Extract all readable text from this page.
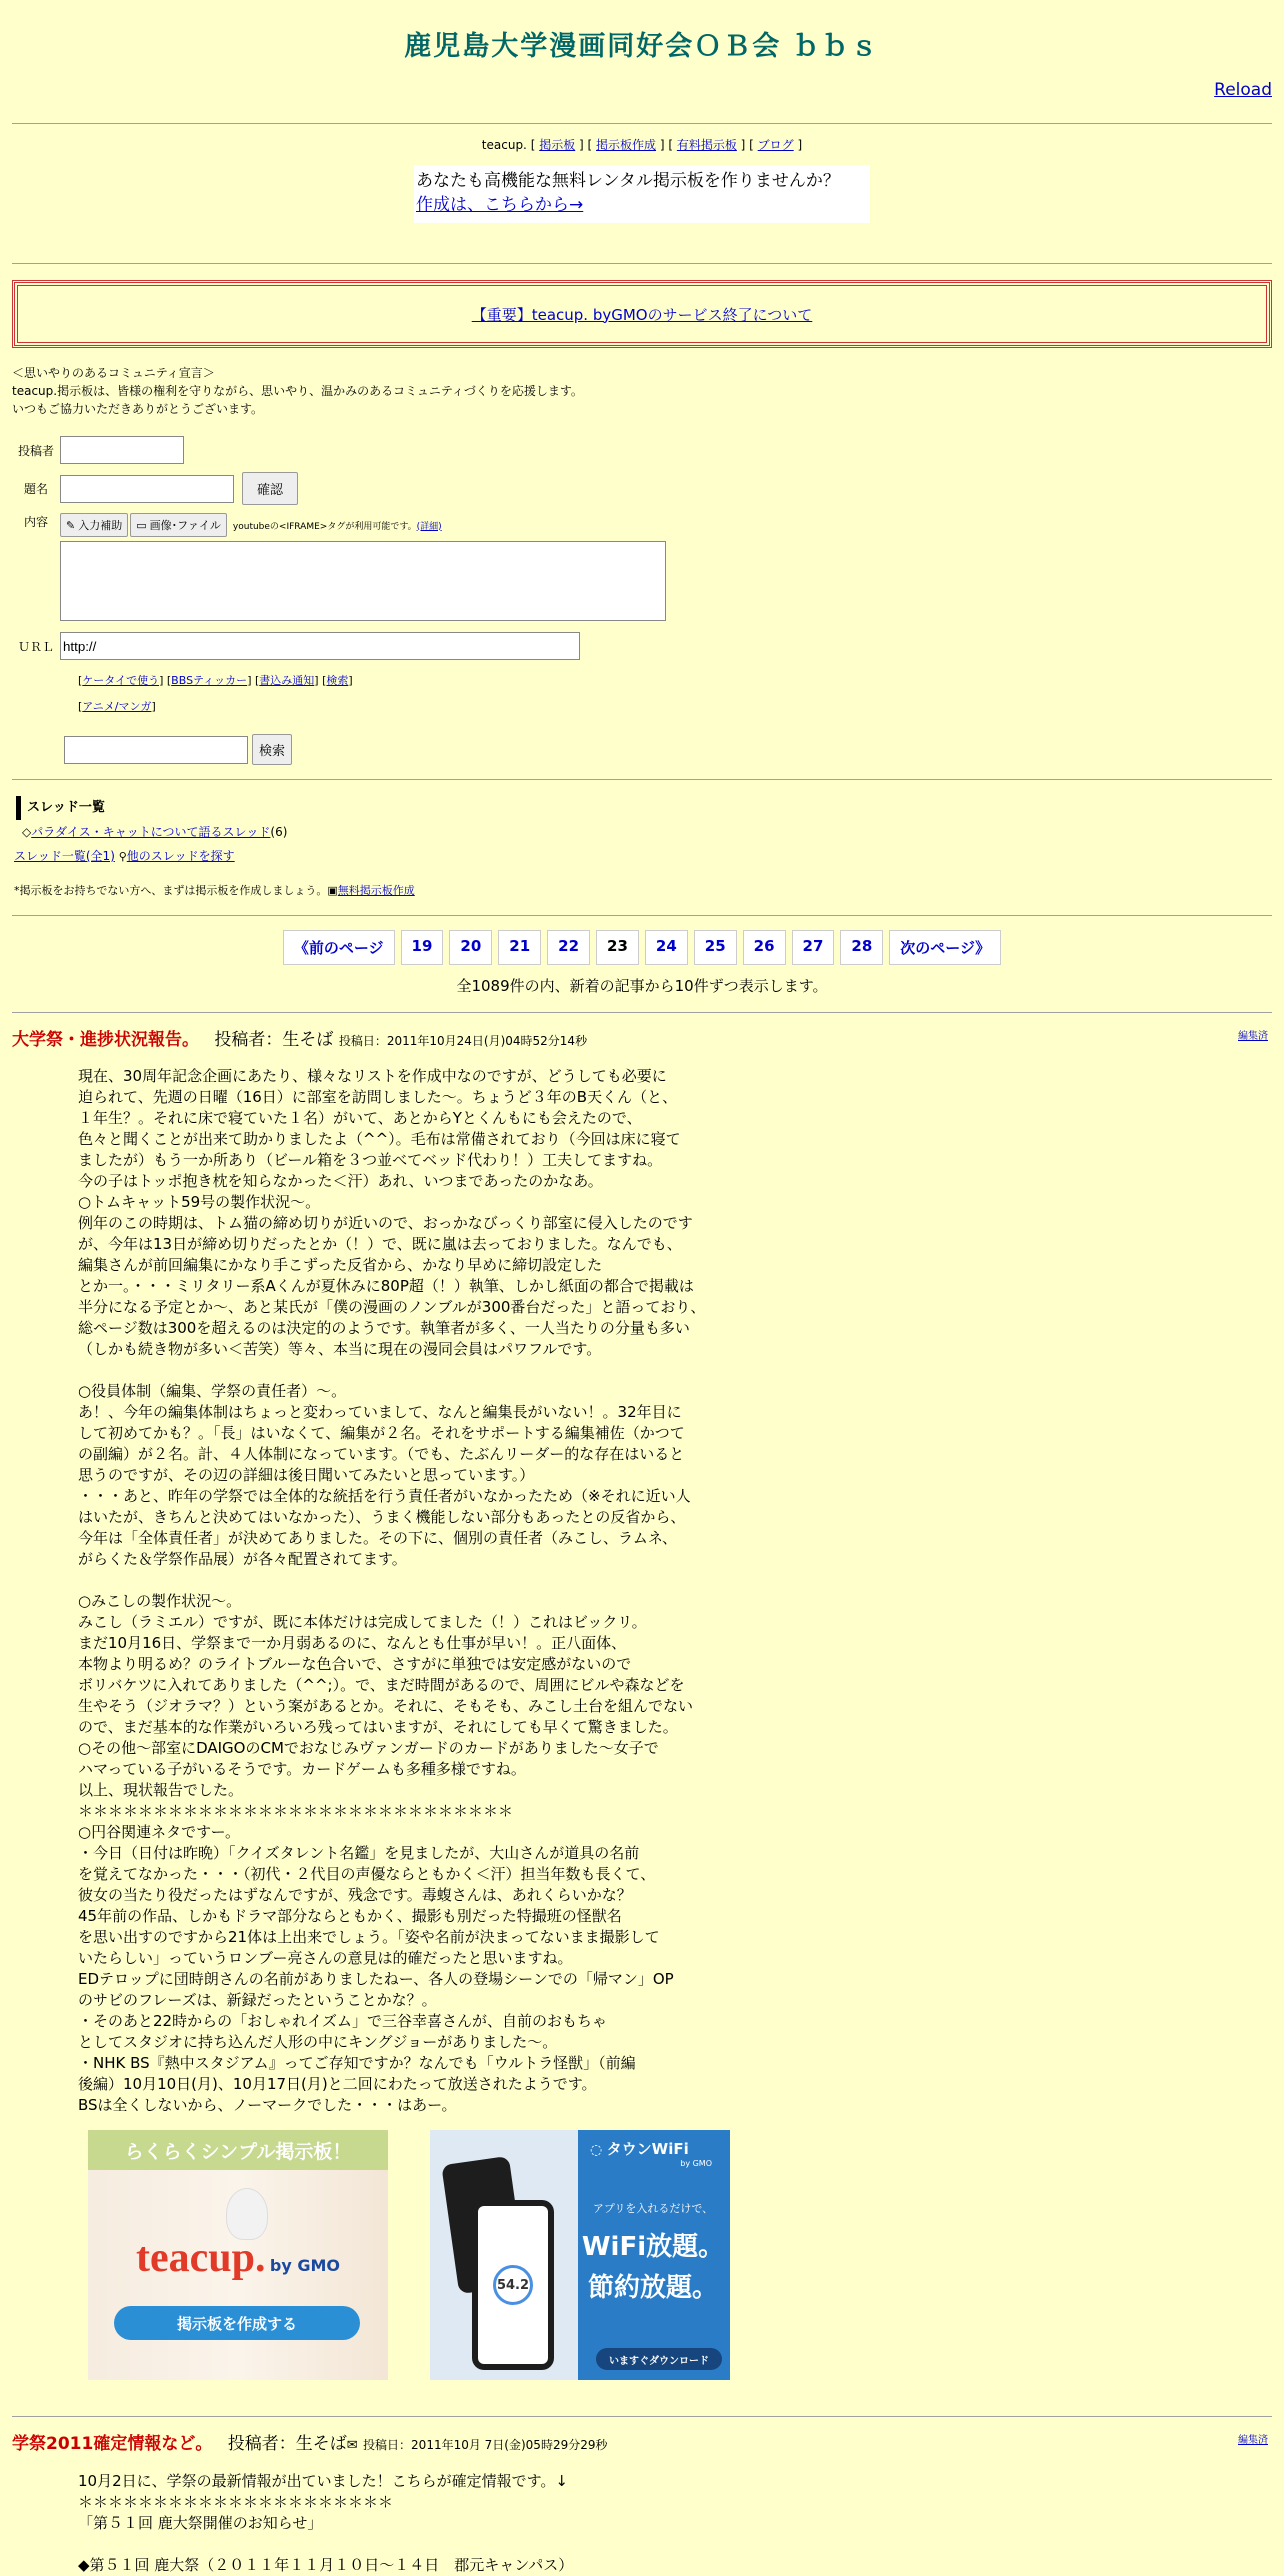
鹿児島大学漫画同好会ＯＢ会 ｂｂｓ
Reload
teacup. [ 掲示板 ] [ 掲示板作成 ] [ 有料掲示板 ] [ ブログ ]
あなたも高機能な無料レンタル掲示板を作りませんか？
作成は、こちらから→
【重要】teacup. byGMOのサービス終了について
＜思いやりのあるコミュニティ宣言＞
teacup.掲示板は、皆様の権利を守りながら、思いやり、温かみのあるコミュニティづくりを応援します。
いつもご協力いただきありがとうございます。
投稿者
題名	確認
内容	✎ 入力補助 ▭ 画像･ファイル youtubeの<IFRAME>タグが利用可能です。 (詳細)
ＵＲＬ
http://
[ケータイで使う] [BBSティッカー] [書込み通知] [検索]
[アニメ/マンガ]
検索
スレッド一覧
◇パラダイス・キャットについて語るスレッド(6)
スレッド一覧(全1) ⚲他のスレッドを探す
*掲示板をお持ちでない方へ、まずは掲示板を作成しましょう。▣無料掲示板作成
《前のページ	19	20	21	22	23	24	25	26	27	28	次のページ》
全1089件の内、新着の記事から10件ずつ表示します。
編集済
大学祭・進捗状況報告。 投稿者：生そば 投稿日：2011年10月24日(月)04時52分14秒
現在、30周年記念企画にあたり、様々なリストを作成中なのですが、どうしても必要に
迫られて、先週の日曜（16日）に部室を訪問しました～。ちょうど３年のB天くん（と、
１年生？。それに床で寝ていた１名）がいて、あとからYとくんもにも会えたので、
色々と聞くことが出来て助かりましたよ（^^）。毛布は常備されており（今回は床に寝て
ましたが）もう一か所あり（ビール箱を３つ並べてベッド代わり！）工夫してますね。
今の子はトッポ抱き枕を知らなかった＜汗）あれ、いつまであったのかなあ。
○トムキャット59号の製作状況～。
例年のこの時期は、トム猫の締め切りが近いので、おっかなびっくり部室に侵入したのです
が、今年は13日が締め切りだったとか（！）で、既に嵐は去っておりました。なんでも、
編集さんが前回編集にかなり手こずった反省から、かなり早めに締切設定した
とか一。・・・ミリタリー系Aくんが夏休みに80P超（！）執筆、しかし紙面の都合で掲載は
半分になる予定とか～、あと某氏が「僕の漫画のノンブルが300番台だった」と語っており、
総ページ数は300を超えるのは決定的のようです。執筆者が多く、一人当たりの分量も多い
（しかも続き物が多い＜苦笑）等々、本当に現在の漫同会員はパワフルです。

○役員体制（編集、学祭の責任者）～。
あ！、今年の編集体制はちょっと変わっていまして、なんと編集長がいない！。32年目に
して初めてかも？。「長」はいなくて、編集が２名。それをサポートする編集補佐（かつて
の副編）が２名。計、４人体制になっています。（でも、たぶんリーダー的な存在はいると
思うのですが、その辺の詳細は後日聞いてみたいと思っています。）
・・・あと、昨年の学祭では全体的な統括を行う責任者がいなかったため（※それに近い人
はいたが、きちんと決めてはいなかった）、うまく機能しない部分もあったとの反省から、
今年は「全体責任者」が決めてありました。その下に、個別の責任者（みこし、ラムネ、
がらくた＆学祭作品展）が各々配置されてます。

○みこしの製作状況～。
みこし（ラミエル）ですが、既に本体だけは完成してました（！）これはビックリ。
まだ10月16日、学祭まで一か月弱あるのに、なんとも仕事が早い！。正八面体、
本物より明るめ？のライトブルーな色合いで、さすがに単独では安定感がないので
ボリバケツに入れてありました（^^;）。で、まだ時間があるので、周囲にビルや森などを
生やそう（ジオラマ？）という案があるとか。それに、そもそも、みこし土台を組んでない
ので、まだ基本的な作業がいろいろ残ってはいますが、それにしても早くて驚きました。
○その他～部室にDAIGOのCMでおなじみヴァンガードのカードがありました～女子で
ハマっている子がいるそうです。カードゲームも多種多様ですね。
以上、現状報告でした。
＊＊＊＊＊＊＊＊＊＊＊＊＊＊＊＊＊＊＊＊＊＊＊＊＊＊＊＊＊
○円谷関連ネタですー。
・今日（日付は昨晩）「クイズタレント名鑑」を見ましたが、大山さんが道具の名前
を覚えてなかった・・・（初代・２代目の声優ならともかく＜汗）担当年数も長くて、
彼女の当たり役だったはずなんですが、残念です。毒蝮さんは、あれくらいかな？
45年前の作品、しかもドラマ部分ならともかく、撮影も別だった特撮班の怪獣名
を思い出すのですから21体は上出来でしょう。「姿や名前が決まってないまま撮影して
いたらしい」っていうロンブー亮さんの意見は的確だったと思いますね。
EDテロップに団時朗さんの名前がありましたねー、各人の登場シーンでの「帰マン」OP
のサビのフレーズは、新録だったということかな？。
・そのあと22時からの「おしゃれイズム」で三谷幸喜さんが、自前のおもちゃ
としてスタジオに持ち込んだ人形の中にキングジョーがありました～。
・NHK BS『熱中スタジアム』ってご存知ですか？なんでも「ウルトラ怪獣」（前編
後編）10月10日(月)、10月17日(月)と二回にわたって放送されたようです。
BSは全くしないから、ノーマークでした・・・はあー。
らくらくシンプル掲示板！
teacup. by GMO
掲示板を作成する
54.2
◌ タウンWiFi
by GMO
アプリを入れるだけで、
WiFi放題。
節約放題。
いますぐダウンロード
編集済
学祭2011確定情報など。 投稿者：生そば✉ 投稿日：2011年10月 7日(金)05時29分29秒
10月2日に、学祭の最新情報が出ていました！こちらが確定情報です。↓
＊＊＊＊＊＊＊＊＊＊＊＊＊＊＊＊＊＊＊＊＊
「第５１回 鹿大祭開催のお知らせ」

◆第５１回 鹿大祭（２０１１年１１月１０日～１４日　郡元キャンパス）
